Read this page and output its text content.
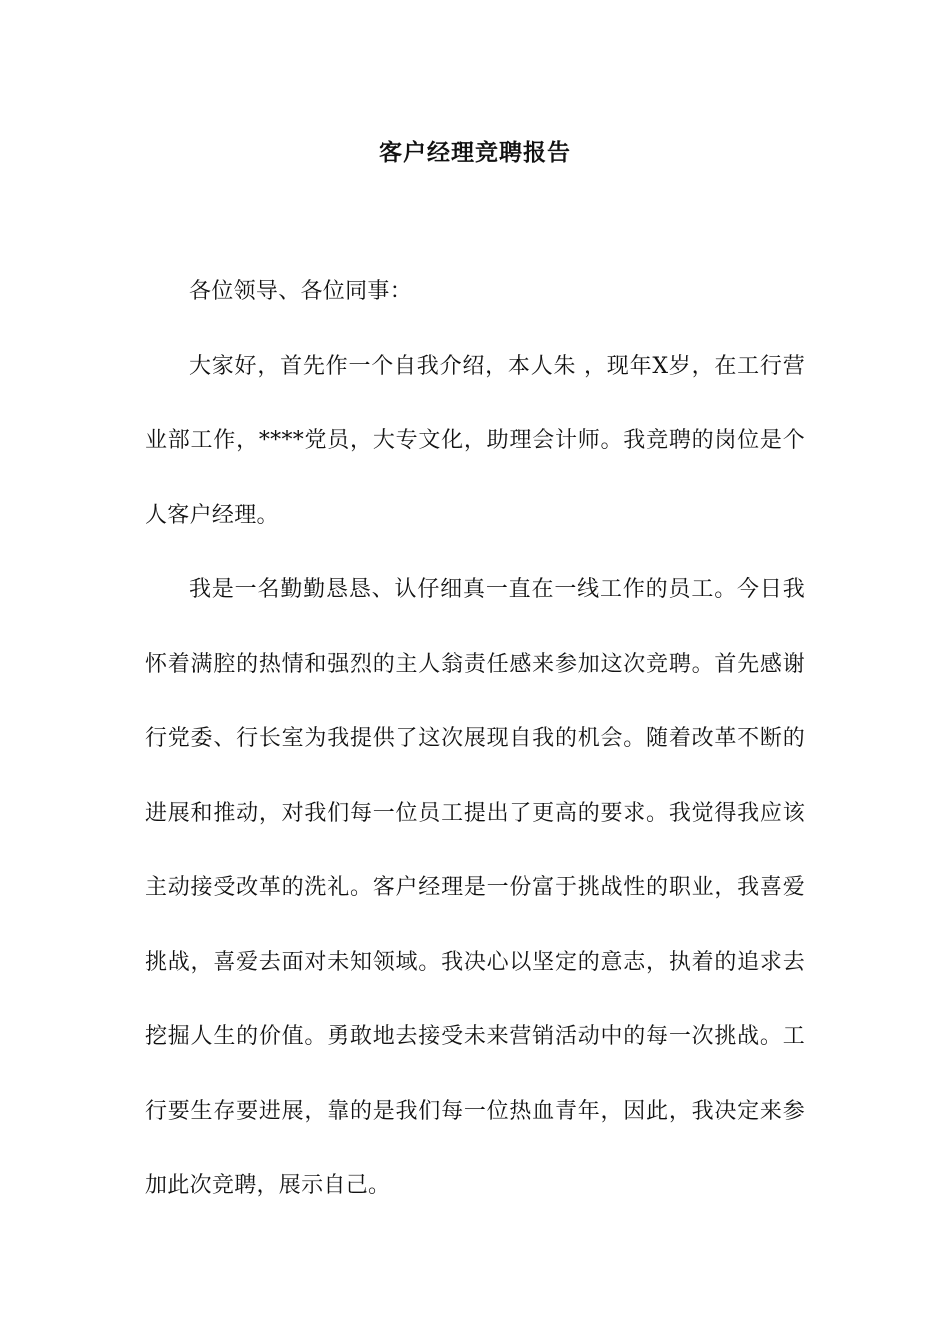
客户经理竞聘报告

各位领导、各位同事：

大家好，首先作一个自我介绍，本人朱 ，现年X岁，在工行营业部工作，****党员，大专文化，助理会计师。我竞聘的岗位是个人客户经理。

我是一名勤勤恳恳、认仔细真一直在一线工作的员工。今日我怀着满腔的热情和强烈的主人翁责任感来参加这次竞聘。首先感谢行党委、行长室为我提供了这次展现自我的机会。随着改革不断的进展和推动，对我们每一位员工提出了更高的要求。我觉得我应该主动接受改革的洗礼。客户经理是一份富于挑战性的职业，我喜爱挑战，喜爱去面对未知领域。我决心以坚定的意志，执着的追求去挖掘人生的价值。勇敢地去接受未来营销活动中的每一次挑战。工行要生存要进展，靠的是我们每一位热血青年，因此，我决定来参加此次竞聘，展示自己。
